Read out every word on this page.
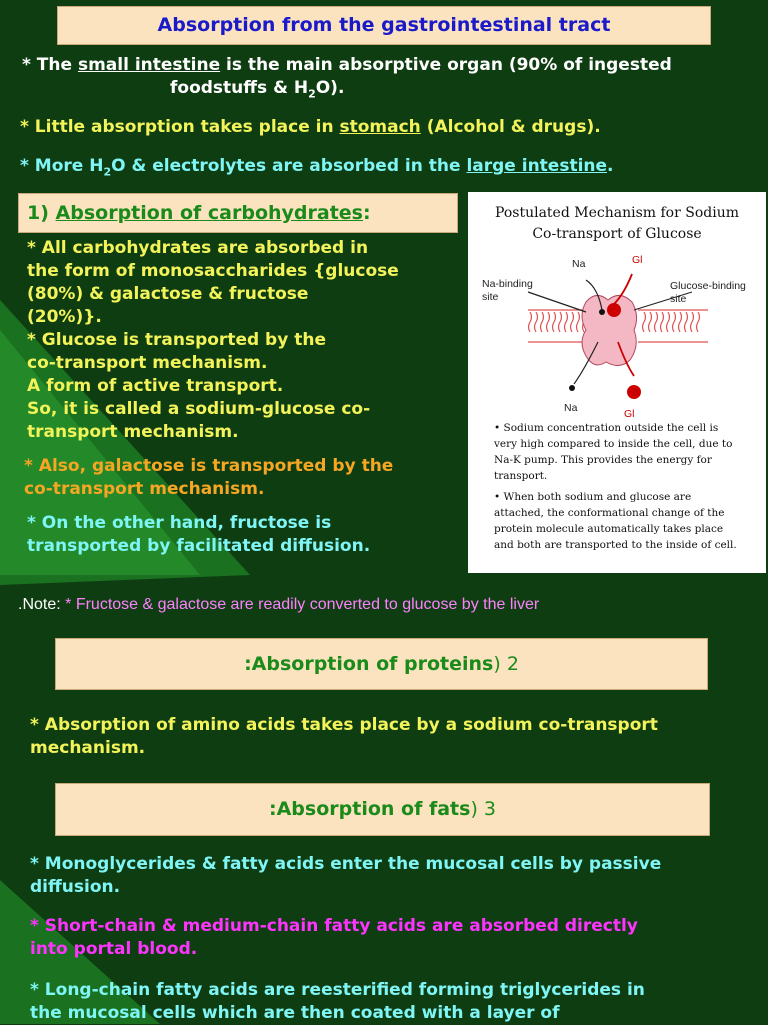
Absorption from the gastrointestinal tract
* The small intestine is the main absorptive organ (90% of ingested
foodstuffs & $H_2O$).
* Little absorption takes place in stomach (Alcohol & drugs).
* More $H_2O$ & electrolytes are absorbed in the large intestine.
1) Absorption of carbohydrates:
* All carbohydrates are absorbed in
the form of monosaccharides {glucose
(80%) & galactose & fructose
(20%)}.
* Glucose is transported by the
co-transport mechanism.
A form of active transport.
So, it is called a sodium-glucose co-
transport mechanism.
* Also, galactose is transported by the
co-transport mechanism.
* On the other hand, fructose is
transported by facilitated diffusion.
Postulated Mechanism for Sodium
Co-transport of Glucose
Na	Gl
Na-binding
site
Glucose-binding
site
Na	Gl
• Sodium concentration outside the cell is
very high compared to inside the cell, due to
Na-K pump. This provides the energy for
transport.
• When both sodium and glucose are
attached, the conformational change of the
protein molecule automatically takes place
and both are transported to the inside of cell.
.Note: * Fructose & galactose are readily converted to glucose by the liver
:Absorption of proteins) 2
* Absorption of amino acids takes place by a sodium co-transport
mechanism.
:Absorption of fats) 3
* Monoglycerides & fatty acids enter the mucosal cells by passive
diffusion.
* Short-chain & medium-chain fatty acids are absorbed directly
into portal blood.
* Long-chain fatty acids are reesterified forming triglycerides in
the mucosal cells which are then coated with a layer of
